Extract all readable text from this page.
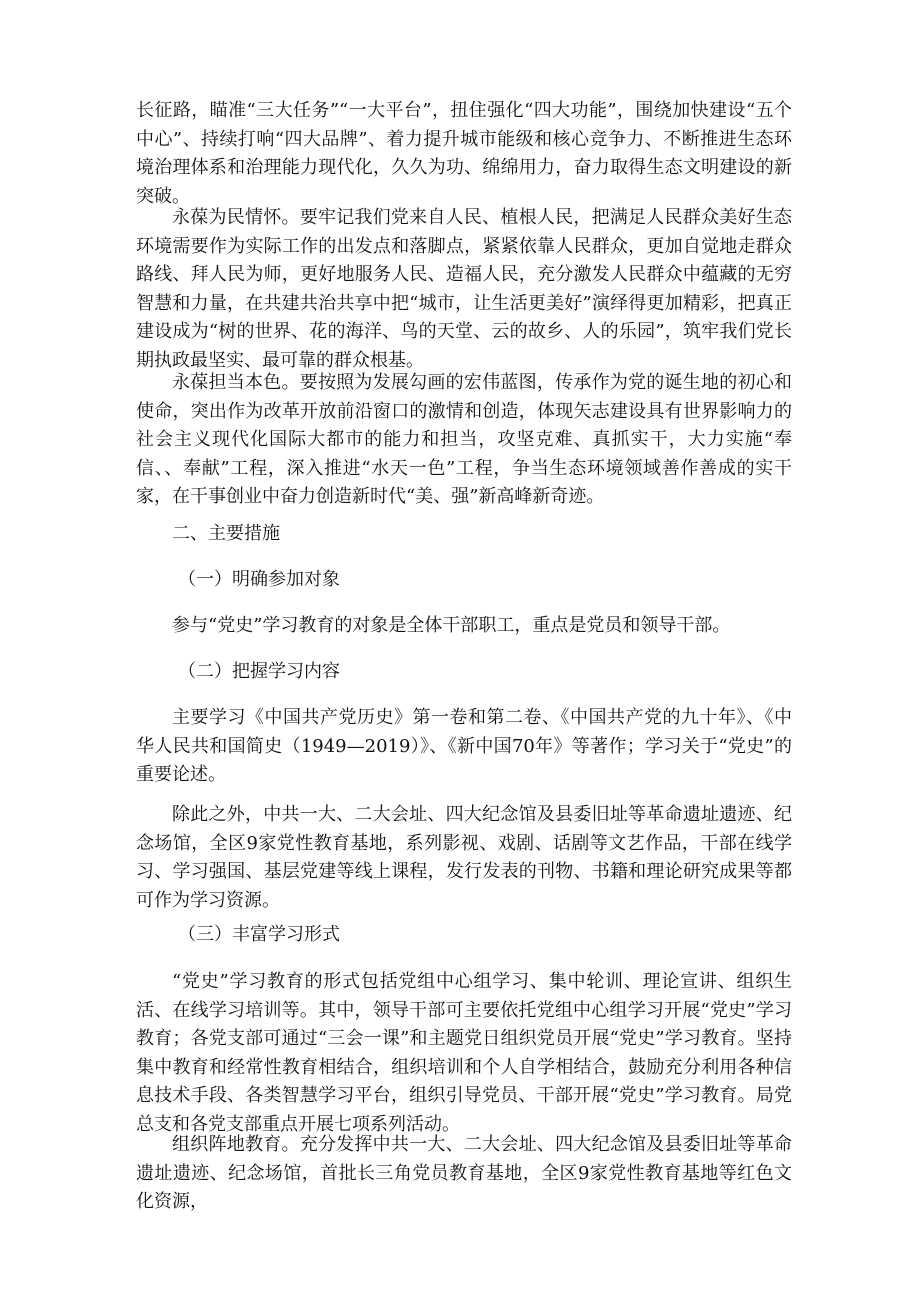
长征路，瞄准“三大任务”“一大平台”，扭住强化“四大功能”，围绕加快建设“五个中心”、持续打响“四大品牌”、着力提升城市能级和核心竞争力、不断推进生态环境治理体系和治理能力现代化，久久为功、绵绵用力，奋力取得生态文明建设的新突破。

永葆为民情怀。要牢记我们党来自人民、植根人民，把满足人民群众美好生态环境需要作为实际工作的出发点和落脚点，紧紧依靠人民群众，更加自觉地走群众路线、拜人民为师，更好地服务人民、造福人民，充分激发人民群众中蕴藏的无穷智慧和力量，在共建共治共享中把“城市，让生活更美好”演绎得更加精彩，把真正建设成为“树的世界、花的海洋、鸟的天堂、云的故乡、人的乐园”，筑牢我们党长期执政最坚实、最可靠的群众根基。

永葆担当本色。要按照为发展勾画的宏伟蓝图，传承作为党的诞生地的初心和使命，突出作为改革开放前沿窗口的激情和创造，体现矢志建设具有世界影响力的社会主义现代化国际大都市的能力和担当，攻坚克难、真抓实干，大力实施“奉信、、奉献”工程，深入推进“水天一色”工程，争当生态环境领域善作善成的实干家，在干事创业中奋力创造新时代“美、强”新高峰新奇迹。

二、主要措施

（一）明确参加对象

参与“党史”学习教育的对象是全体干部职工，重点是党员和领导干部。

（二）把握学习内容

主要学习《中国共产党历史》第一卷和第二卷、《中国共产党的九十年》、《中华人民共和国简史（1949—2019）》、《新中国70年》等著作；学习关于“党史”的重要论述。

除此之外，中共一大、二大会址、四大纪念馆及县委旧址等革命遗址遗迹、纪念场馆，全区9家党性教育基地，系列影视、戏剧、话剧等文艺作品，干部在线学习、学习强国、基层党建等线上课程，发行发表的刊物、书籍和理论研究成果等都可作为学习资源。

（三）丰富学习形式

“党史”学习教育的形式包括党组中心组学习、集中轮训、理论宣讲、组织生活、在线学习培训等。其中，领导干部可主要依托党组中心组学习开展“党史”学习教育；各党支部可通过“三会一课”和主题党日组织党员开展“党史”学习教育。坚持集中教育和经常性教育相结合，组织培训和个人自学相结合，鼓励充分利用各种信息技术手段、各类智慧学习平台，组织引导党员、干部开展“党史”学习教育。局党总支和各党支部重点开展七项系列活动。

组织阵地教育。充分发挥中共一大、二大会址、四大纪念馆及县委旧址等革命遗址遗迹、纪念场馆，首批长三角党员教育基地，全区9家党性教育基地等红色文化资源，
